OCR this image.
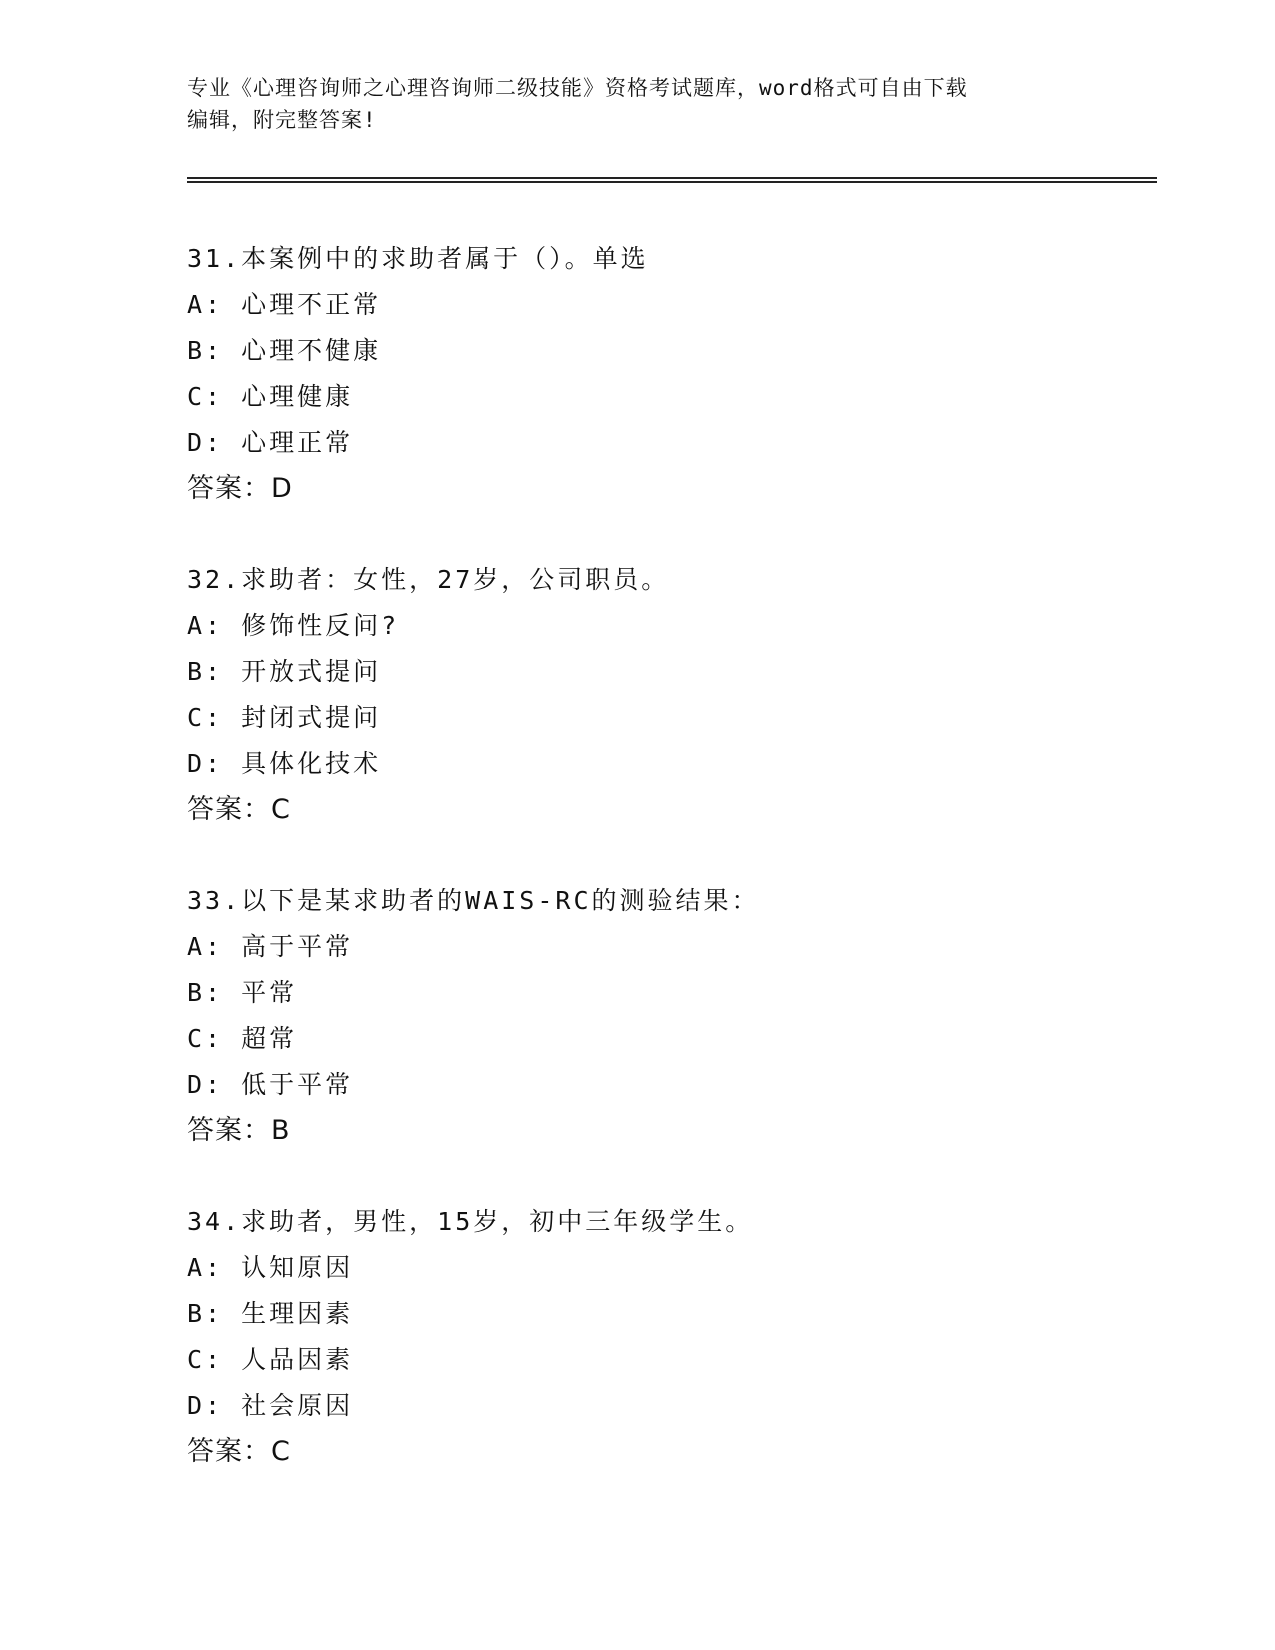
专业《心理咨询师之心理咨询师二级技能》资格考试题库，word格式可自由下载
编辑，附完整答案!

31.本案例中的求助者属于（）。单选
A: 心理不正常
B: 心理不健康
C: 心理健康
D: 心理正常
答案：D
32.求助者：女性，27岁，公司职员。
A: 修饰性反问?
B: 开放式提问
C: 封闭式提问
D: 具体化技术
答案：C
33.以下是某求助者的WAIS-RC的测验结果：
A: 高于平常
B: 平常
C: 超常
D: 低于平常
答案：B
34.求助者，男性，15岁，初中三年级学生。
A: 认知原因
B: 生理因素
C: 人品因素
D: 社会原因
答案：C
